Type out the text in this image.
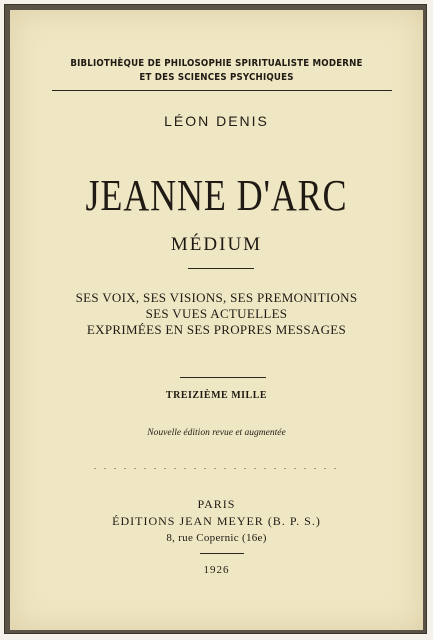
BIBLIOTHÈQUE DE PHILOSOPHIE SPIRITUALISTE MODERNE
ET DES SCIENCES PSYCHIQUES
LÉON DENIS
JEANNE D'ARC
MÉDIUM
SES VOIX, SES VISIONS, SES PREMONITIONS
SES VUES ACTUELLES
EXPRIMÉES EN SES PROPRES MESSAGES
TREIZIÈME MILLE
Nouvelle édition revue et augmentée
. . . . . . . . . . . . . . . . . . . . . . . . .
PARIS
ÉDITIONS JEAN MEYER (B. P. S.)
8, rue Copernic (16e)
1926
